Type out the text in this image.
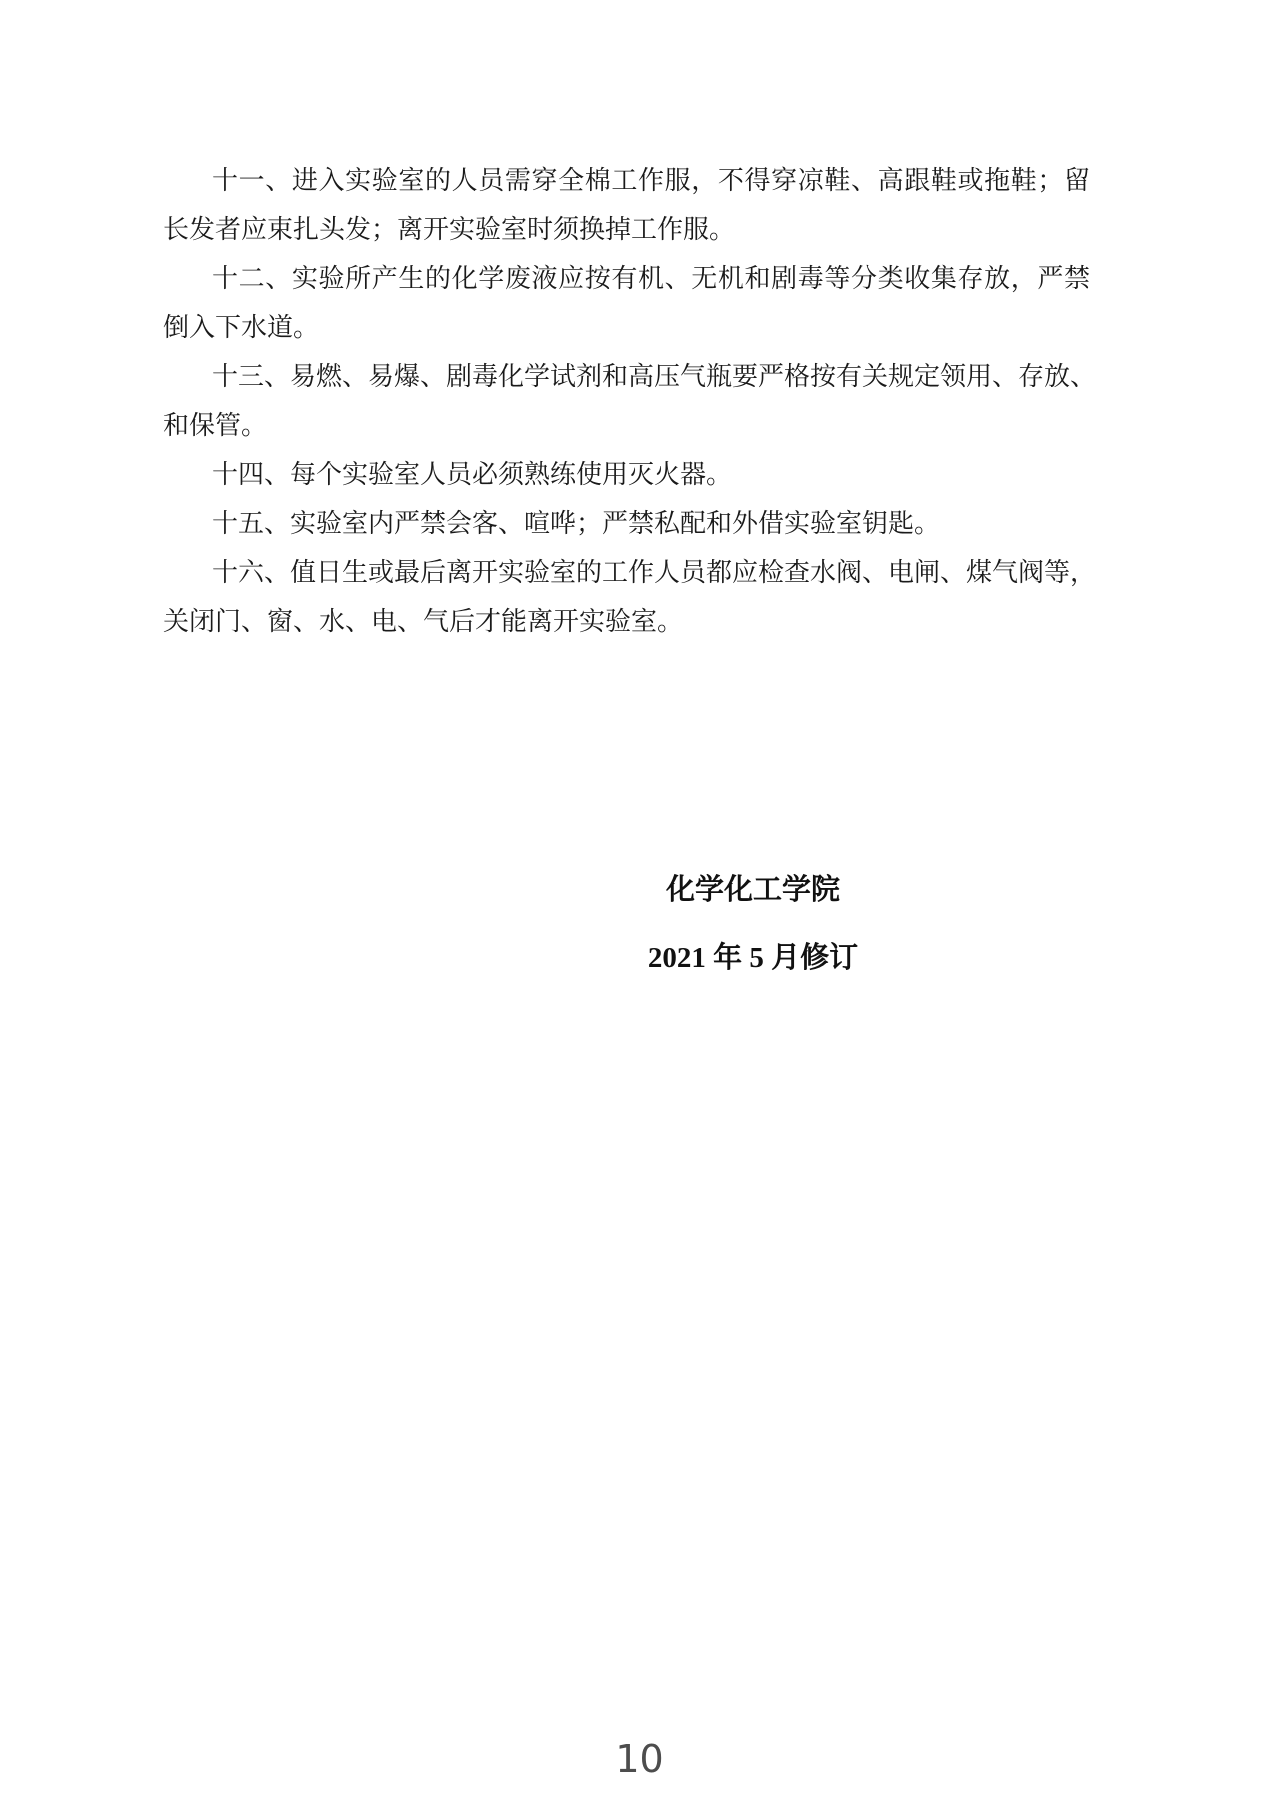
十一、进入实验室的人员需穿全棉工作服，不得穿凉鞋、高跟鞋或拖鞋；留
长发者应束扎头发；离开实验室时须换掉工作服。
十二、实验所产生的化学废液应按有机、无机和剧毒等分类收集存放，严禁
倒入下水道。
十三、易燃、易爆、剧毒化学试剂和高压气瓶要严格按有关规定领用、存放、
和保管。
十四、每个实验室人员必须熟练使用灭火器。
十五、实验室内严禁会客、喧哗；严禁私配和外借实验室钥匙。
十六、值日生或最后离开实验室的工作人员都应检查水阀、电闸、煤气阀等，
关闭门、窗、水、电、气后才能离开实验室。
化学化工学院
2021 年 5 月修订
10
